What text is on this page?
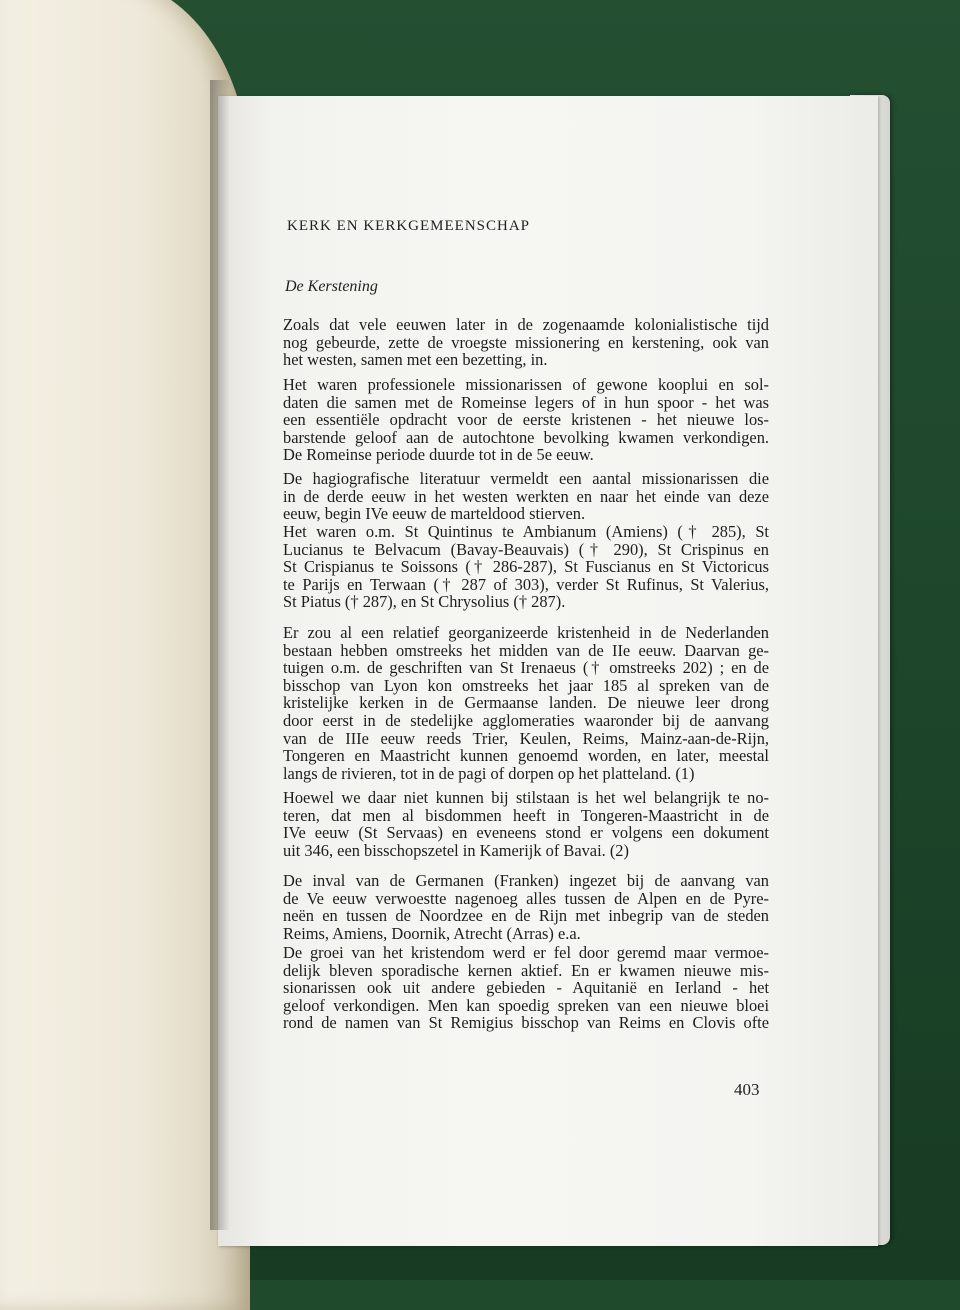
KERK EN KERKGEMEENSCHAP
De Kerstening
Zoals dat vele eeuwen later in de zogenaamde kolonialistische tijd
nog gebeurde, zette de vroegste missionering en kerstening, ook van
het westen, samen met een bezetting, in.
Het waren professionele missionarissen of gewone kooplui en sol-
daten die samen met de Romeinse legers of in hun spoor - het was
een essentiële opdracht voor de eerste kristenen - het nieuwe los-
barstende geloof aan de autochtone bevolking kwamen verkondigen.
De Romeinse periode duurde tot in de 5e eeuw.
De hagiografische literatuur vermeldt een aantal missionarissen die
in de derde eeuw in het westen werkten en naar het einde van deze
eeuw, begin IVe eeuw de marteldood stierven.
Het waren o.m. St Quintinus te Ambianum (Amiens) († 285), St
Lucianus te Belvacum (Bavay-Beauvais) († 290), St Crispinus en
St Crispianus te Soissons († 286-287), St Fuscianus en St Victoricus
te Parijs en Terwaan († 287 of 303), verder St Rufinus, St Valerius,
St Piatus († 287), en St Chrysolius († 287).
Er zou al een relatief georganizeerde kristenheid in de Nederlanden
bestaan hebben omstreeks het midden van de IIe eeuw. Daarvan ge-
tuigen o.m. de geschriften van St Irenaeus († omstreeks 202) ; en de
bisschop van Lyon kon omstreeks het jaar 185 al spreken van de
kristelijke kerken in de Germaanse landen. De nieuwe leer drong
door eerst in de stedelijke agglomeraties waaronder bij de aanvang
van de IIIe eeuw reeds Trier, Keulen, Reims, Mainz-aan-de-Rijn,
Tongeren en Maastricht kunnen genoemd worden, en later, meestal
langs de rivieren, tot in de pagi of dorpen op het platteland. (1)
Hoewel we daar niet kunnen bij stilstaan is het wel belangrijk te no-
teren, dat men al bisdommen heeft in Tongeren-Maastricht in de
IVe eeuw (St Servaas) en eveneens stond er volgens een dokument
uit 346, een bisschopszetel in Kamerijk of Bavai. (2)
De inval van de Germanen (Franken) ingezet bij de aanvang van
de Ve eeuw verwoestte nagenoeg alles tussen de Alpen en de Pyre-
neën en tussen de Noordzee en de Rijn met inbegrip van de steden
Reims, Amiens, Doornik, Atrecht (Arras) e.a.
De groei van het kristendom werd er fel door geremd maar vermoe-
delijk bleven sporadische kernen aktief. En er kwamen nieuwe mis-
sionarissen ook uit andere gebieden - Aquitanië en Ierland - het
geloof verkondigen. Men kan spoedig spreken van een nieuwe bloei
rond de namen van St Remigius bisschop van Reims en Clovis ofte
403
